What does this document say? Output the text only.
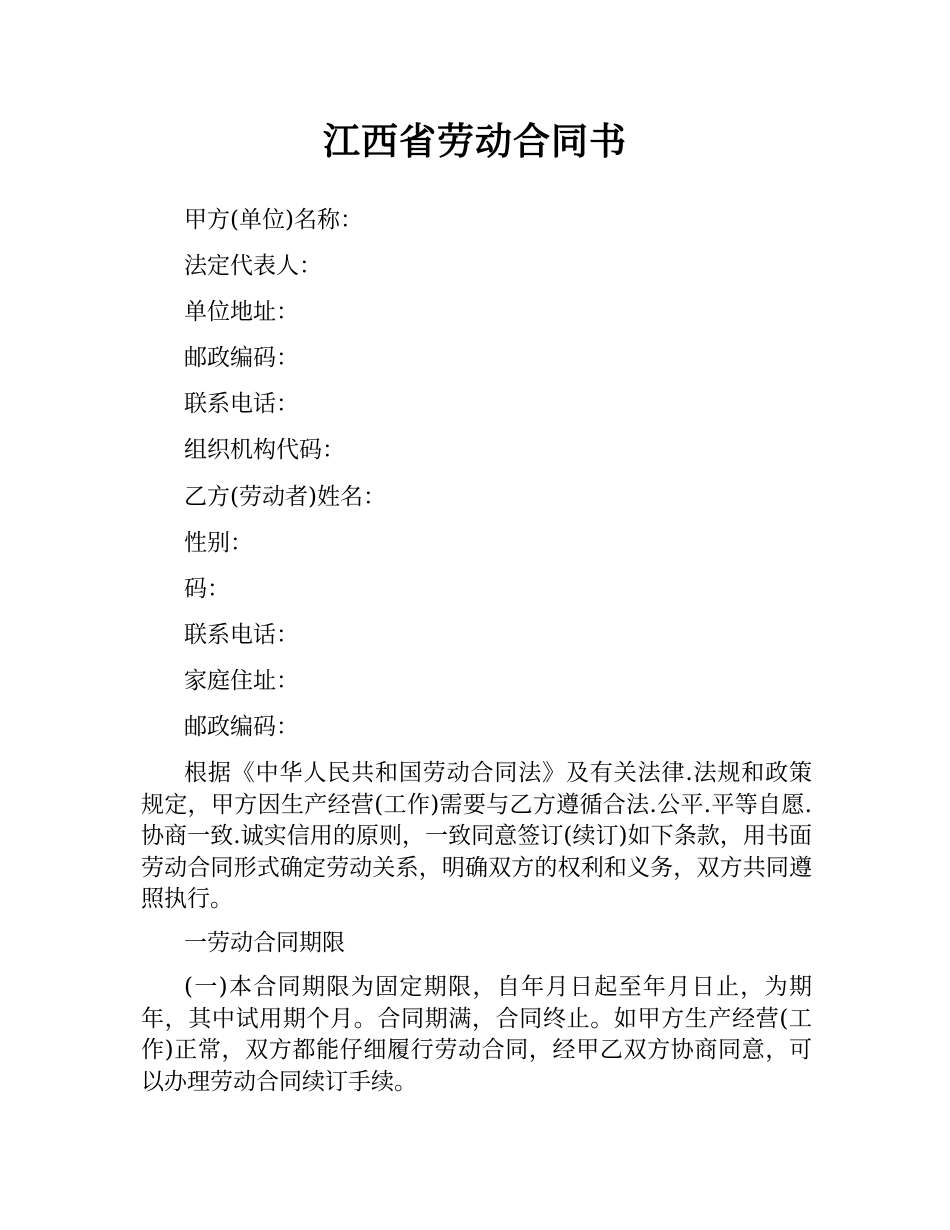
江西省劳动合同书
甲方(单位)名称：
法定代表人：
单位地址：
邮政编码：
联系电话：
组织机构代码：
乙方(劳动者)姓名：
性别：
码：
联系电话：
家庭住址：
邮政编码：

根据《中华人民共和国劳动合同法》及有关法律.法规和政策规定，甲方因生产经营(工作)需要与乙方遵循合法.公平.平等自愿.协商一致.诚实信用的原则，一致同意签订(续订)如下条款，用书面劳动合同形式确定劳动关系，明确双方的权利和义务，双方共同遵照执行。

一劳动合同期限

(一)本合同期限为固定期限，自年月日起至年月日止，为期年，其中试用期个月。合同期满，合同终止。如甲方生产经营(工作)正常，双方都能仔细履行劳动合同，经甲乙双方协商同意，可以办理劳动合同续订手续。
